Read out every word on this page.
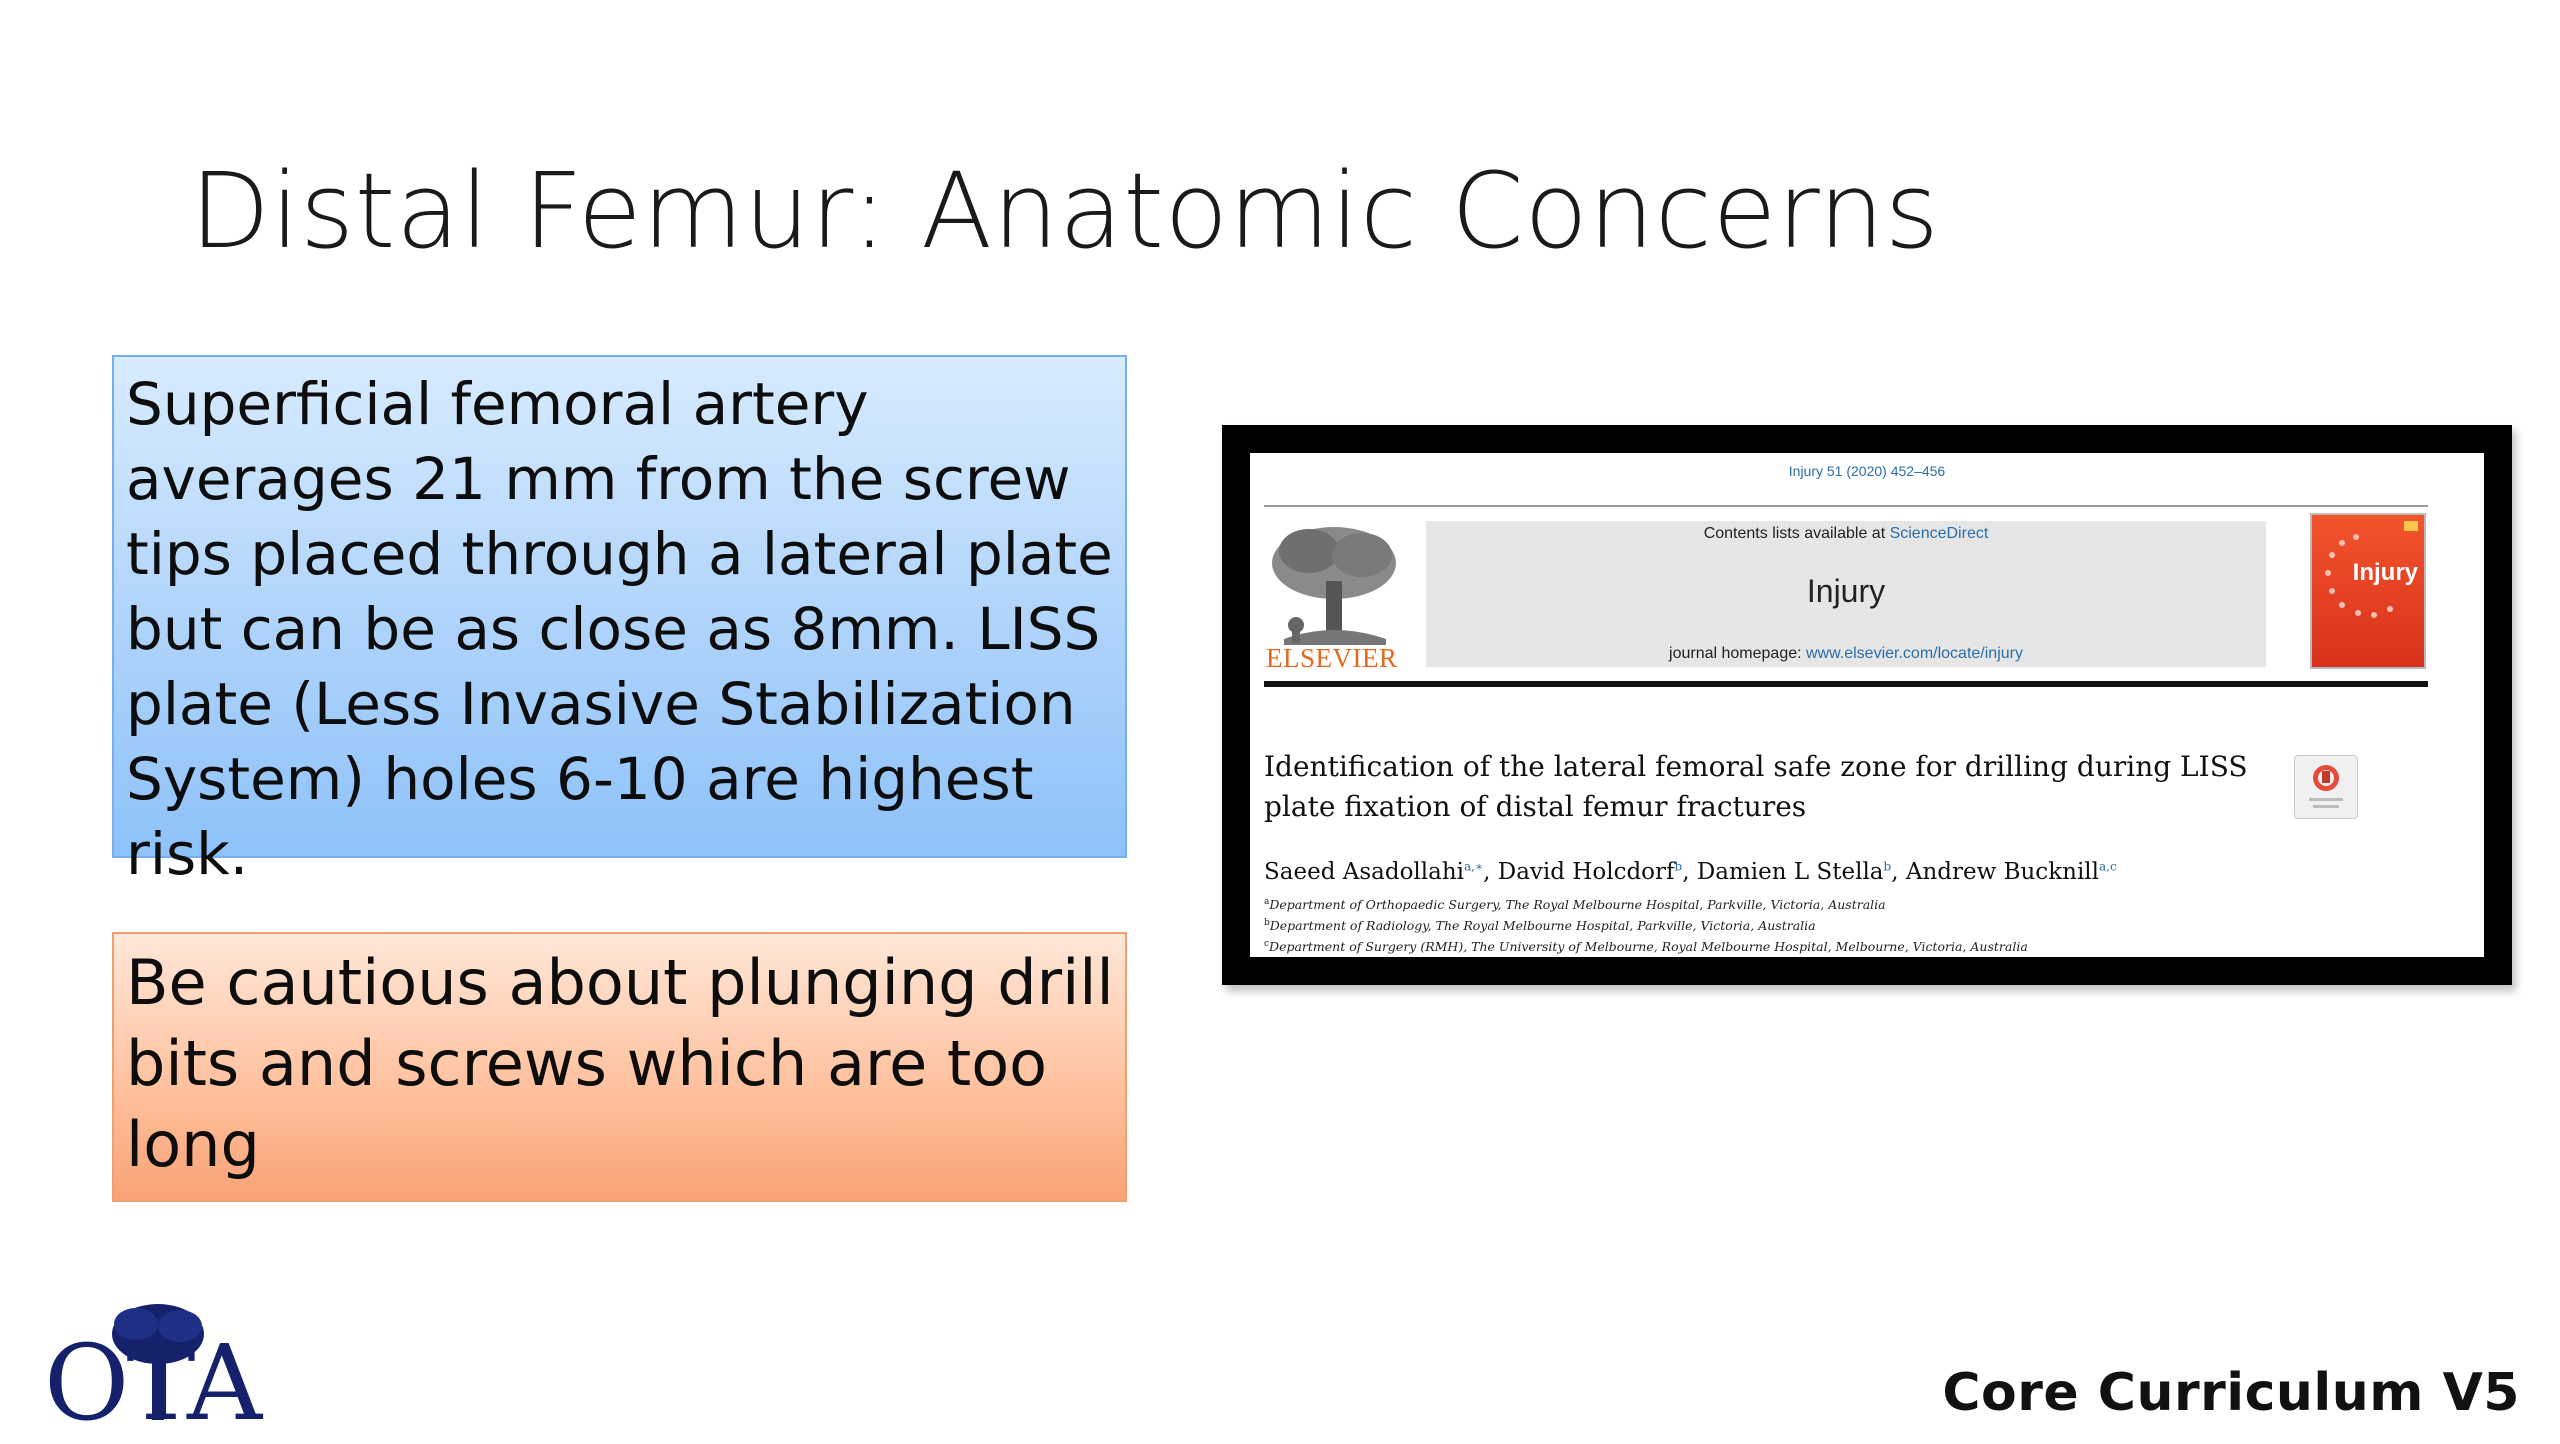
Distal Femur: Anatomic Concerns
Superficial femoral artery averages 21 mm from the screw tips placed through a lateral plate but can be as close as 8mm. LISS plate (Less Invasive Stabilization System) holes 6-10 are highest risk.
Be cautious about plunging drill bits and screws which are too long
Injury 51 (2020) 452–456
ELSEVIER
Contents lists available at ScienceDirect
Injury
journal homepage: www.elsevier.com/locate/injury
Injury
Identification of the lateral femoral safe zone for drilling during LISS plate fixation of distal femur fractures
Saeed Asadollahi$^{a,∗}$, David Holcdorf$^b$, Damien L Stella$^b$, Andrew Bucknill$^{a,c}$
$^a$Department of Orthopaedic Surgery, The Royal Melbourne Hospital, Parkville, Victoria, Australia
$^b$Department of Radiology, The Royal Melbourne Hospital, Parkville, Victoria, Australia
$^c$Department of Surgery (RMH), The University of Melbourne, Royal Melbourne Hospital, Melbourne, Victoria, Australia
OTA	Core Curriculum V5
